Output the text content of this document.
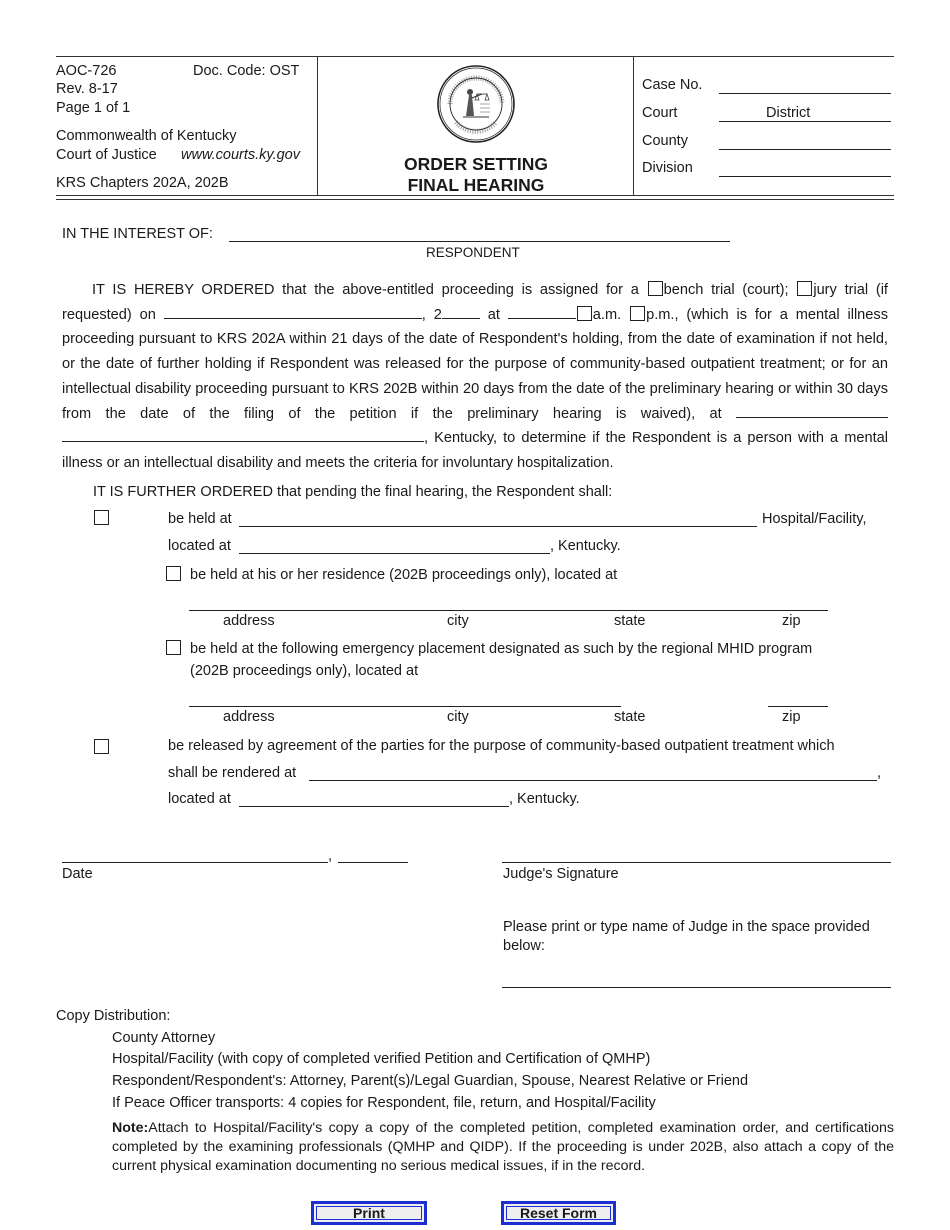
AOC-726	Doc. Code: OST
Rev. 8-17
Page 1 of 1
Commonwealth of Kentucky
Court of Justice www.courts.ky.gov
KRS Chapters 202A, 202B
ORDER SETTING
FINAL HEARING
Case No.
Court	District
County
Division
IN THE INTEREST OF:
RESPONDENT
IT IS HEREBY ORDERED that the above-entitled proceeding is assigned for a bench trial (court); jury trial (if requested) on	, 2	at	a.m. p.m., (which is for a mental illness proceeding pursuant to KRS 202A within 21 days of the date of Respondent's holding, from the date of examination if not held, or the date of further holding if Respondent was released for the purpose of community-based outpatient treatment; or for an intellectual disability proceeding pursuant to KRS 202B within 20 days from the date of the preliminary hearing or within 30 days from the date of the filing of the petition if the preliminary hearing is waived), at  , Kentucky, to determine if the Respondent is a person with a mental illness or an intellectual disability and meets the criteria for involuntary hospitalization.
IT IS FURTHER ORDERED that pending the final hearing, the Respondent shall:
be held at	Hospital/Facility,
located at	, Kentucky.
be held at his or her residence (202B proceedings only), located at
address	city	state	zip
be held at the following emergency placement designated as such by the regional MHID program
(202B proceedings only), located at
address	city	state	zip
be released by agreement of the parties for the purpose of community-based outpatient treatment which
shall be rendered at	,
located at	, Kentucky.
,
Date	Judge's Signature
Please print or type name of Judge in the space provided below:
Copy Distribution:
County Attorney
Hospital/Facility (with copy of completed verified Petition and Certification of QMHP)
Respondent/Respondent's: Attorney, Parent(s)/Legal Guardian, Spouse, Nearest Relative or Friend
If Peace Officer transports: 4 copies for Respondent, file, return, and Hospital/Facility
Note:Attach to Hospital/Facility's copy a copy of the completed petition, completed examination order, and certifications completed by the examining professionals (QMHP and QIDP). If the proceeding is under 202B, also attach a copy of the current physical examination documenting no serious medical issues, if in the record.
Print	Reset Form
